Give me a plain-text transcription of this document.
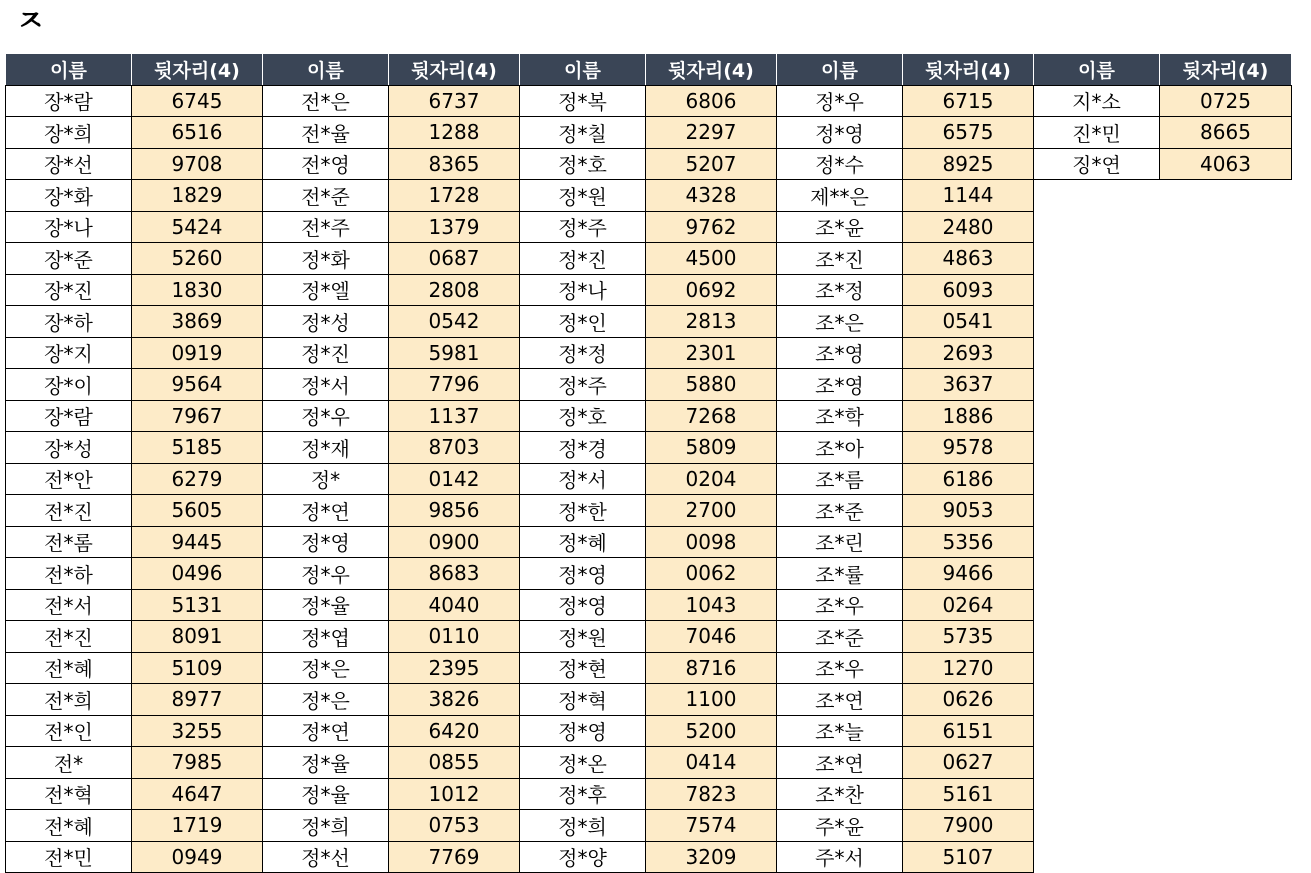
ㅈ
이름	뒷자리(4)	이름	뒷자리(4)	이름	뒷자리(4)	이름	뒷자리(4)	이름	뒷자리(4)
장*람	6745	전*은	6737	정*복	6806	정*우	6715	지*소	0725
장*희	6516	전*율	1288	정*칠	2297	정*영	6575	진*민	8665
장*선	9708	전*영	8365	정*호	5207	정*수	8925	징*연	4063
장*화	1829	전*준	1728	정*원	4328	제**은	1144		
장*나	5424	전*주	1379	정*주	9762	조*윤	2480		
장*준	5260	정*화	0687	정*진	4500	조*진	4863		
장*진	1830	정*엘	2808	정*나	0692	조*정	6093		
장*하	3869	정*성	0542	정*인	2813	조*은	0541		
장*지	0919	정*진	5981	정*정	2301	조*영	2693		
장*이	9564	정*서	7796	정*주	5880	조*영	3637		
장*람	7967	정*우	1137	정*호	7268	조*학	1886		
장*성	5185	정*재	8703	정*경	5809	조*아	9578		
전*안	6279	정*	0142	정*서	0204	조*름	6186		
전*진	5605	정*연	9856	정*한	2700	조*준	9053		
전*롬	9445	정*영	0900	정*혜	0098	조*린	5356		
전*하	0496	정*우	8683	정*영	0062	조*률	9466		
전*서	5131	정*율	4040	정*영	1043	조*우	0264		
전*진	8091	정*엽	0110	정*원	7046	조*준	5735		
전*혜	5109	정*은	2395	정*현	8716	조*우	1270		
전*희	8977	정*은	3826	정*혁	1100	조*연	0626		
전*인	3255	정*연	6420	정*영	5200	조*늘	6151		
전*	7985	정*율	0855	정*온	0414	조*연	0627		
전*혁	4647	정*율	1012	정*후	7823	조*찬	5161		
전*혜	1719	정*희	0753	정*희	7574	주*윤	7900		
전*민	0949	정*선	7769	정*양	3209	주*서	5107		
